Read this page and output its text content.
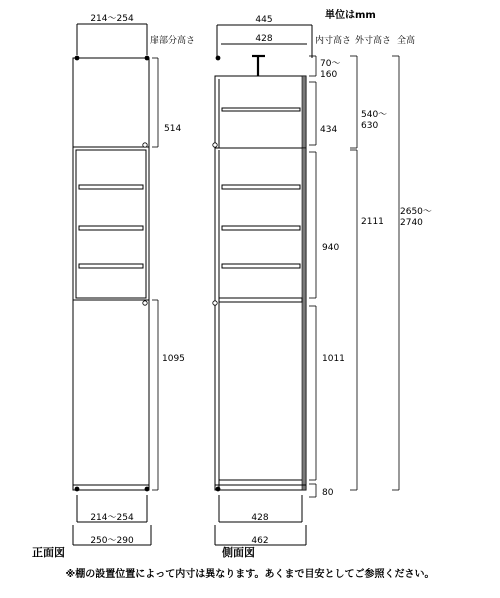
214～254
扉部分高さ
514
1095
214～254
250～290
正面図
単位はmm
445
428	内寸高さ 外寸高さ 全高
70～ 160
434
940
1011
80
540～ 630
2111
2650～ 2740
428
462
側面図
※棚の設置位置によって内寸は異なります。あくまで目安としてご参照ください。
